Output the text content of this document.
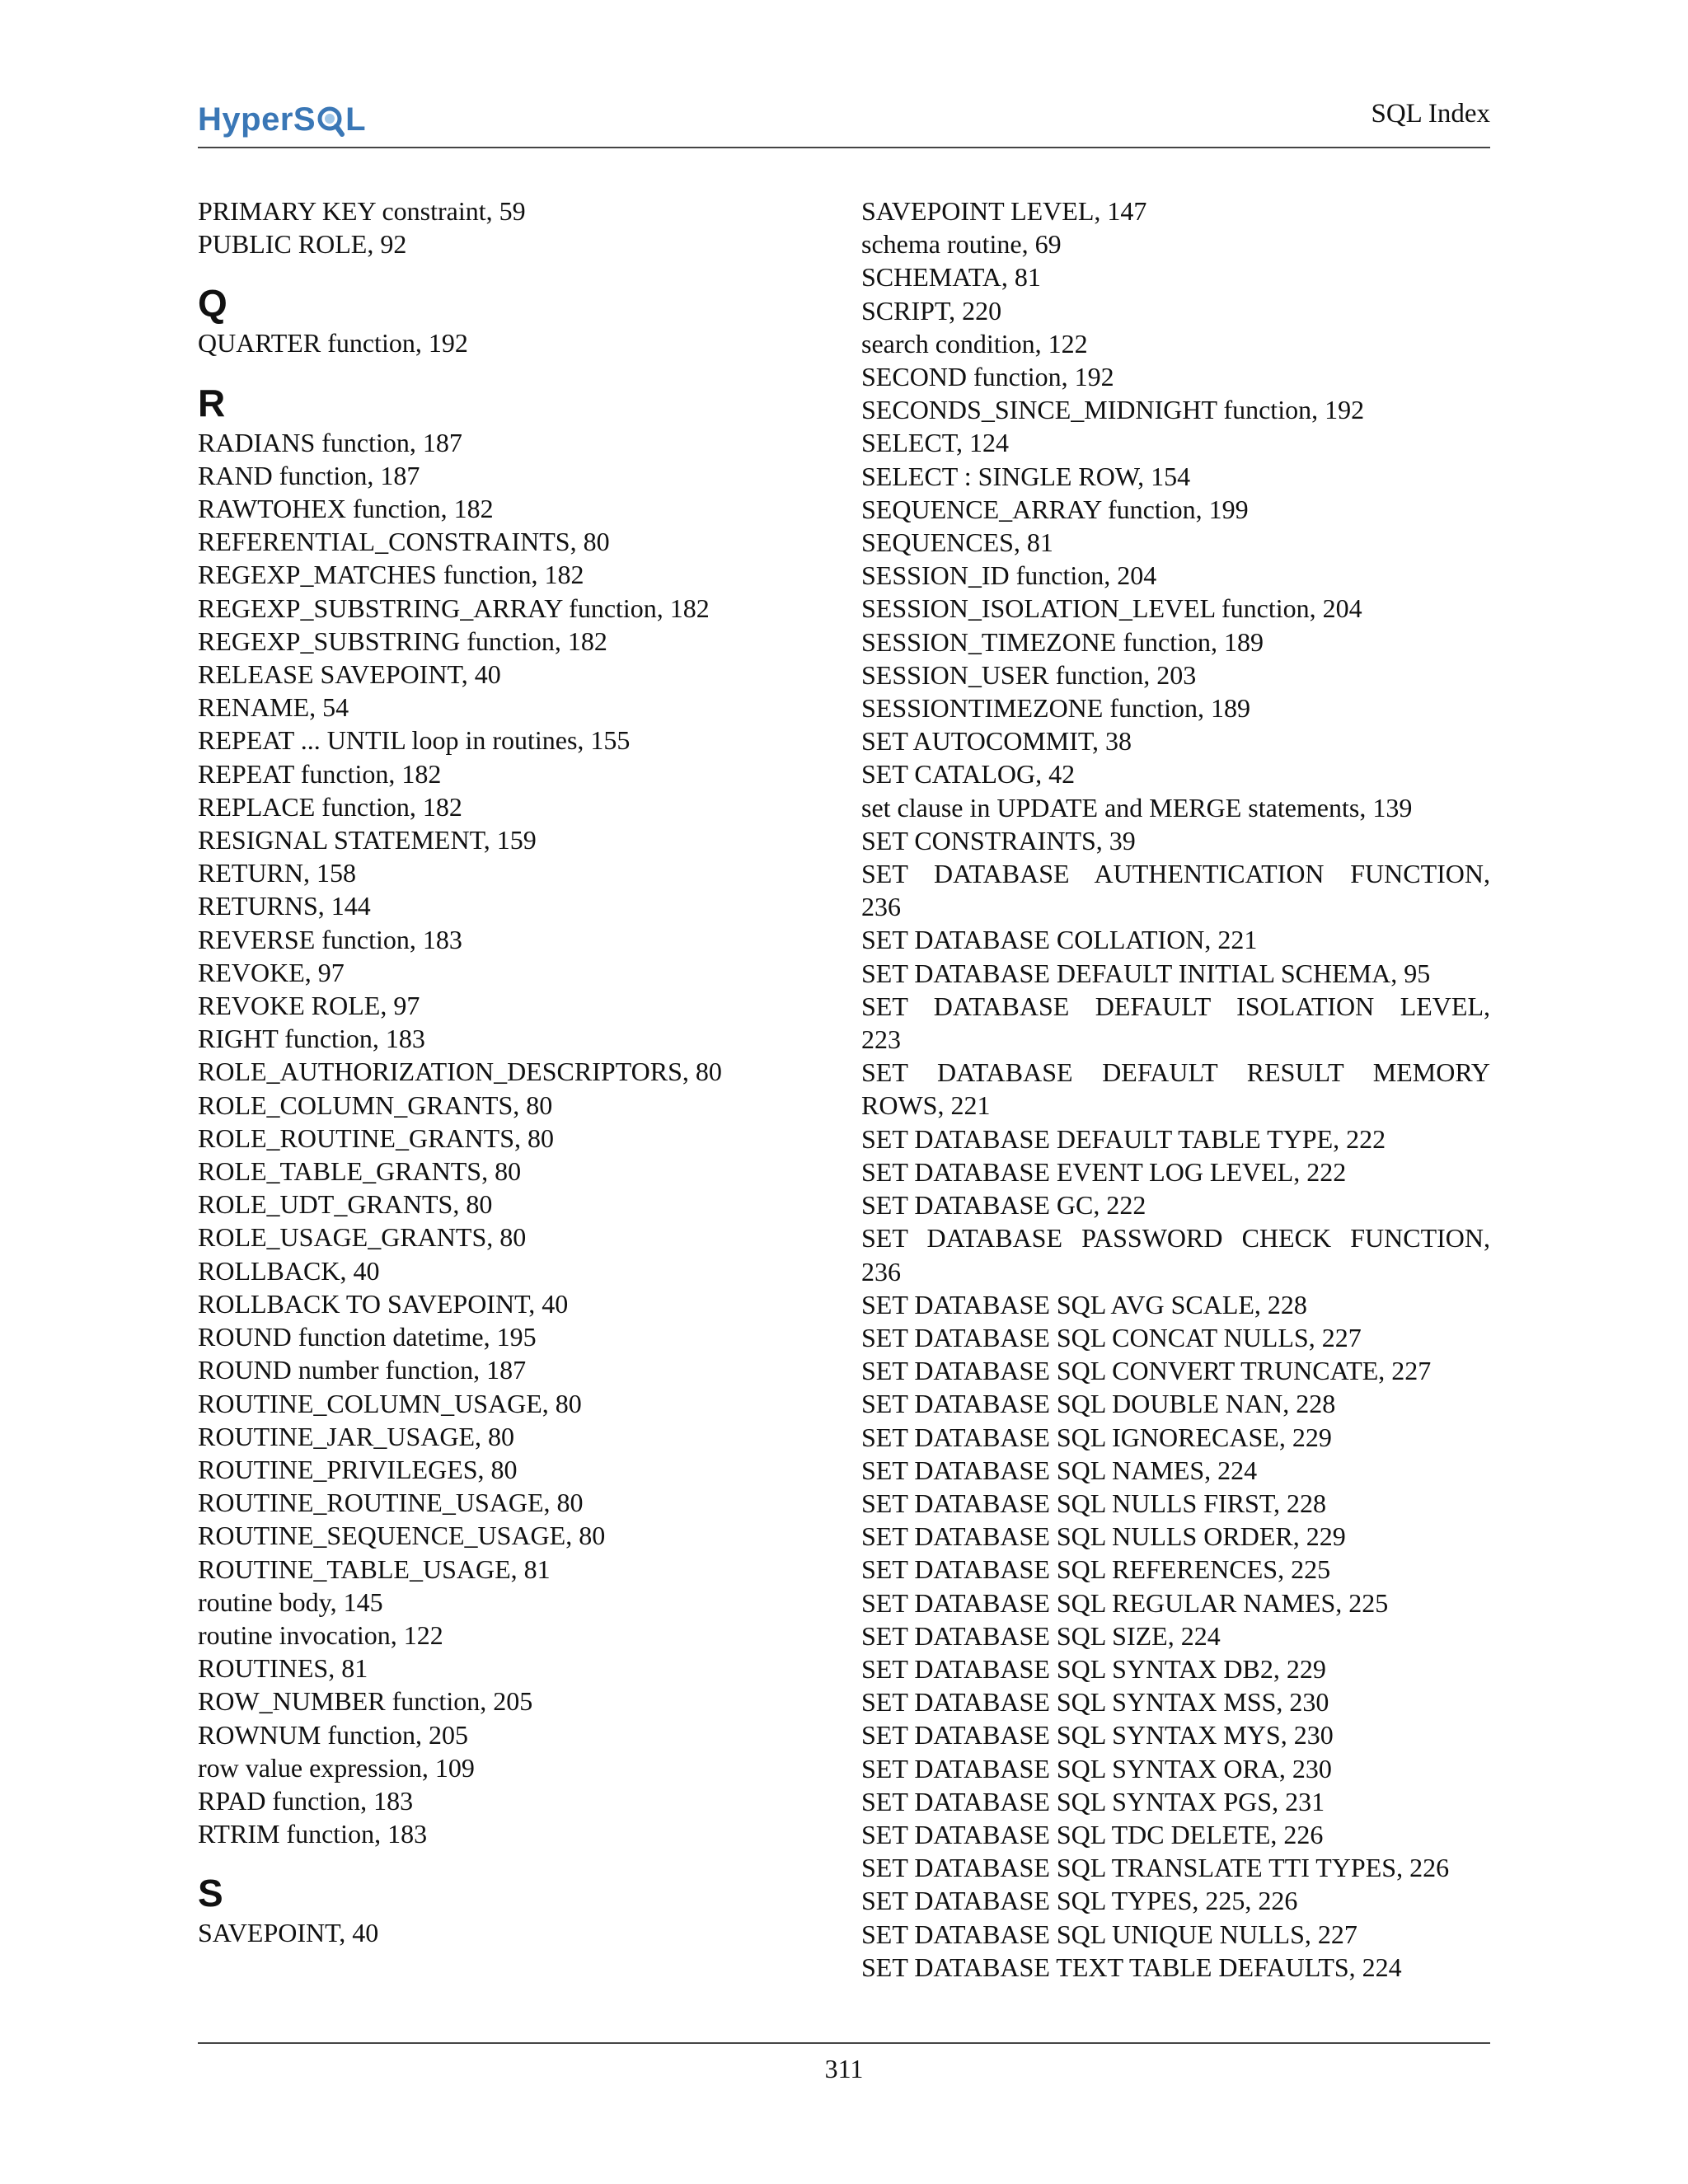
HyperS L	SQL Index
PRIMARY KEY constraint, 59
PUBLIC ROLE, 92
Q
QUARTER function, 192
R
RADIANS function, 187
RAND function, 187
RAWTOHEX function, 182
REFERENTIAL_CONSTRAINTS, 80
REGEXP_MATCHES function, 182
REGEXP_SUBSTRING_ARRAY function, 182
REGEXP_SUBSTRING function, 182
RELEASE SAVEPOINT, 40
RENAME, 54
REPEAT ... UNTIL loop in routines, 155
REPEAT function, 182
REPLACE function, 182
RESIGNAL STATEMENT, 159
RETURN, 158
RETURNS, 144
REVERSE function, 183
REVOKE, 97
REVOKE ROLE, 97
RIGHT function, 183
ROLE_AUTHORIZATION_DESCRIPTORS, 80
ROLE_COLUMN_GRANTS, 80
ROLE_ROUTINE_GRANTS, 80
ROLE_TABLE_GRANTS, 80
ROLE_UDT_GRANTS, 80
ROLE_USAGE_GRANTS, 80
ROLLBACK, 40
ROLLBACK TO SAVEPOINT, 40
ROUND function datetime, 195
ROUND number function, 187
ROUTINE_COLUMN_USAGE, 80
ROUTINE_JAR_USAGE, 80
ROUTINE_PRIVILEGES, 80
ROUTINE_ROUTINE_USAGE, 80
ROUTINE_SEQUENCE_USAGE, 80
ROUTINE_TABLE_USAGE, 81
routine body, 145
routine invocation, 122
ROUTINES, 81
ROW_NUMBER function, 205
ROWNUM function, 205
row value expression, 109
RPAD function, 183
RTRIM function, 183
S
SAVEPOINT, 40
SAVEPOINT LEVEL, 147
schema routine, 69
SCHEMATA, 81
SCRIPT, 220
search condition, 122
SECOND function, 192
SECONDS_SINCE_MIDNIGHT function, 192
SELECT, 124
SELECT : SINGLE ROW, 154
SEQUENCE_ARRAY function, 199
SEQUENCES, 81
SESSION_ID function, 204
SESSION_ISOLATION_LEVEL function, 204
SESSION_TIMEZONE function, 189
SESSION_USER function, 203
SESSIONTIMEZONE function, 189
SET AUTOCOMMIT, 38
SET CATALOG, 42
set clause in UPDATE and MERGE statements, 139
SET CONSTRAINTS, 39
SET DATABASE AUTHENTICATION FUNCTION,
236
SET DATABASE COLLATION, 221
SET DATABASE DEFAULT INITIAL SCHEMA, 95
SET DATABASE DEFAULT ISOLATION LEVEL,
223
SET DATABASE DEFAULT RESULT MEMORY
ROWS, 221
SET DATABASE DEFAULT TABLE TYPE, 222
SET DATABASE EVENT LOG LEVEL, 222
SET DATABASE GC, 222
SET DATABASE PASSWORD CHECK FUNCTION,
236
SET DATABASE SQL AVG SCALE, 228
SET DATABASE SQL CONCAT NULLS, 227
SET DATABASE SQL CONVERT TRUNCATE, 227
SET DATABASE SQL DOUBLE NAN, 228
SET DATABASE SQL IGNORECASE, 229
SET DATABASE SQL NAMES, 224
SET DATABASE SQL NULLS FIRST, 228
SET DATABASE SQL NULLS ORDER, 229
SET DATABASE SQL REFERENCES, 225
SET DATABASE SQL REGULAR NAMES, 225
SET DATABASE SQL SIZE, 224
SET DATABASE SQL SYNTAX DB2, 229
SET DATABASE SQL SYNTAX MSS, 230
SET DATABASE SQL SYNTAX MYS, 230
SET DATABASE SQL SYNTAX ORA, 230
SET DATABASE SQL SYNTAX PGS, 231
SET DATABASE SQL TDC DELETE, 226
SET DATABASE SQL TRANSLATE TTI TYPES, 226
SET DATABASE SQL TYPES, 225, 226
SET DATABASE SQL UNIQUE NULLS, 227
SET DATABASE TEXT TABLE DEFAULTS, 224
311
